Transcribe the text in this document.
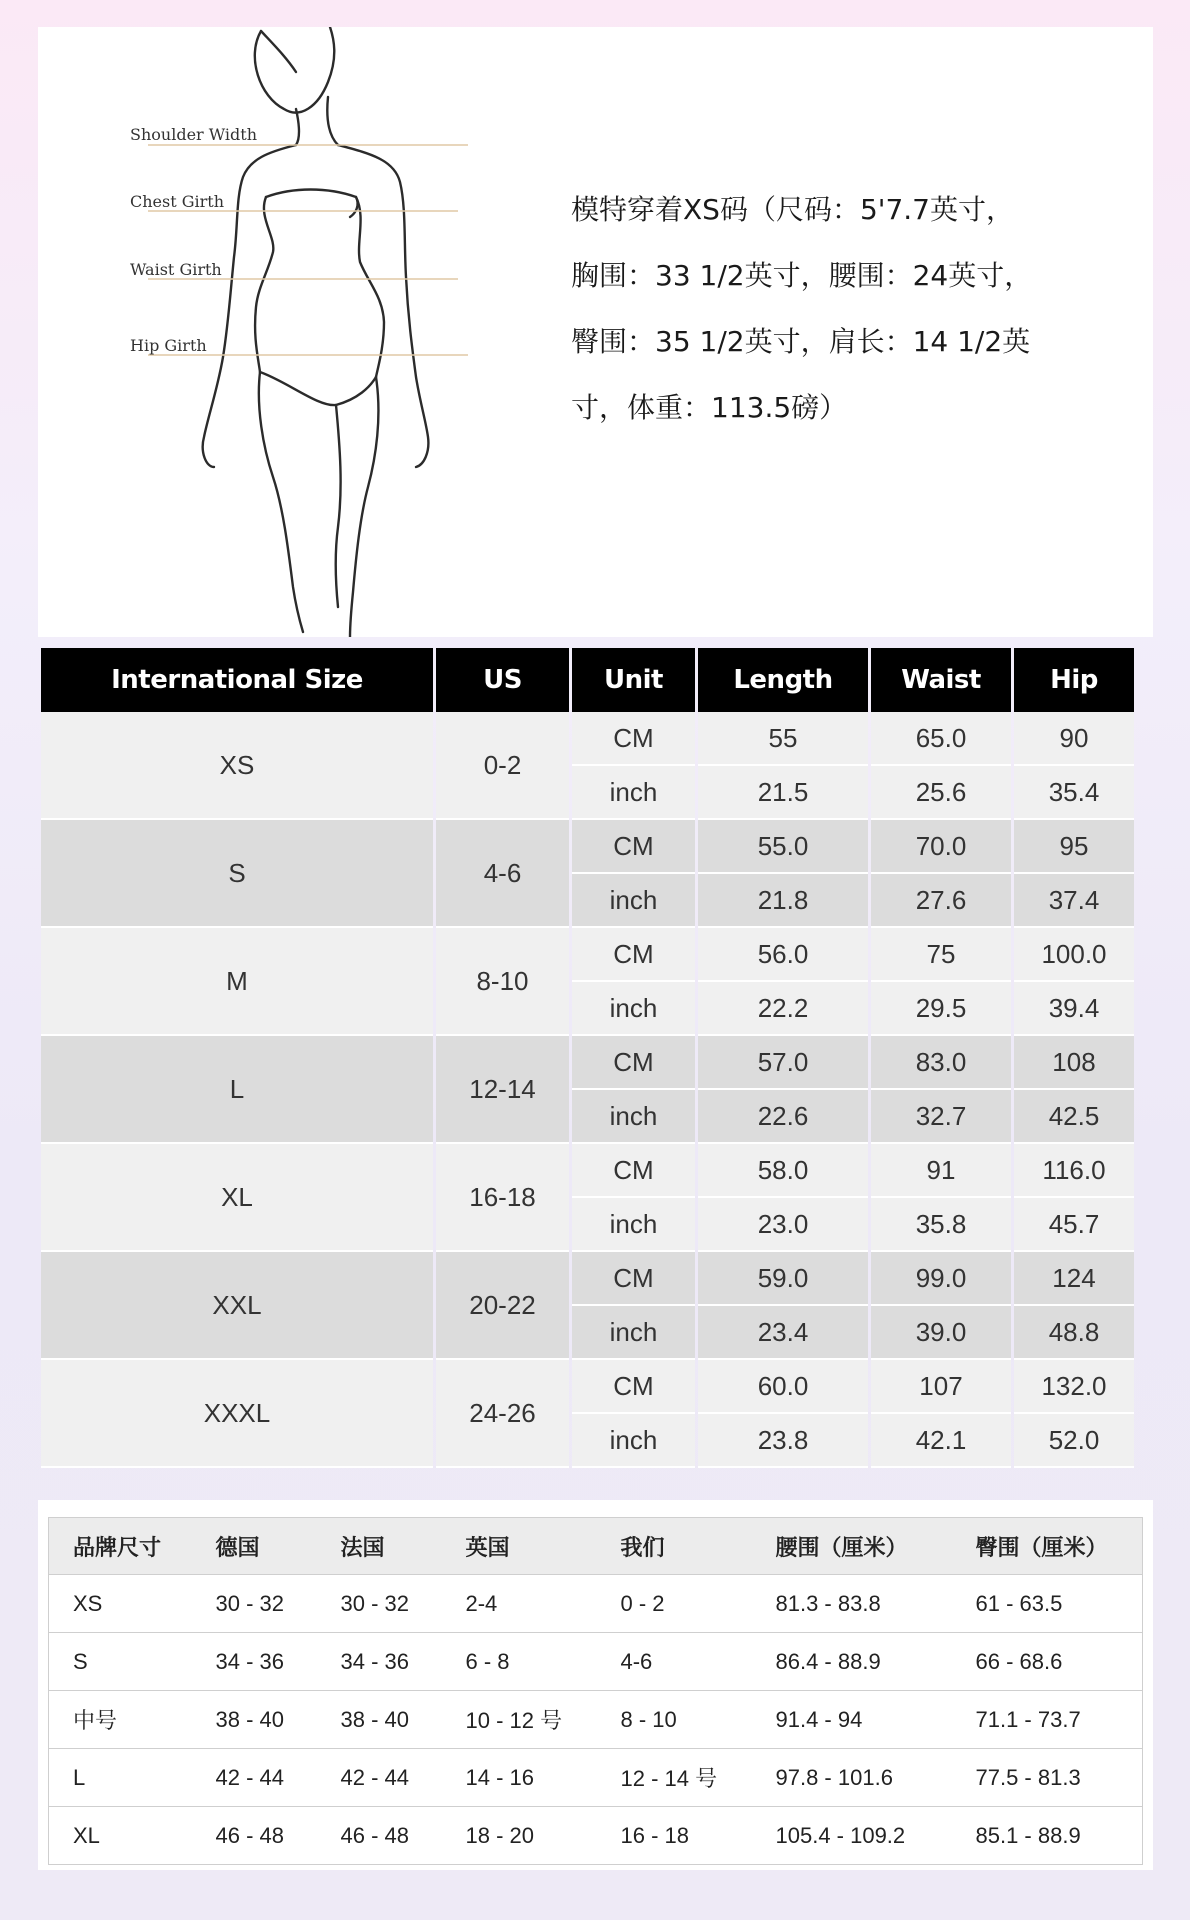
Shoulder Width
Chest Girth
Waist Girth
Hip Girth
模特穿着XS码（尺码：5'7.7英寸，
胸围：33 1/2英寸，腰围：24英寸，
臀围：35 1/2英寸，肩长：14 1/2英
寸，体重：113.5磅）
International Size	US	Unit	Length	Waist	Hip
XS	0-2	CM	55	65.0	90
		inch	21.5	25.6	35.4
S	4-6	CM	55.0	70.0	95
		inch	21.8	27.6	37.4
M	8-10	CM	56.0	75	100.0
		inch	22.2	29.5	39.4
L	12-14	CM	57.0	83.0	108
		inch	22.6	32.7	42.5
XL	16-18	CM	58.0	91	116.0
		inch	23.0	35.8	45.7
XXL	20-22	CM	59.0	99.0	124
		inch	23.4	39.0	48.8
XXXL	24-26	CM	60.0	107	132.0
		inch	23.8	42.1	52.0
品牌尺寸	德国	法国	英国	我们	腰围（厘米）	臀围（厘米）
XS	30 - 32	30 - 32	2-4	0 - 2	81.3 - 83.8	61 - 63.5
S	34 - 36	34 - 36	6 - 8	4-6	86.4 - 88.9	66 - 68.6
中号	38 - 40	38 - 40	10 - 12 号	8 - 10	91.4 - 94	71.1 - 73.7
L	42 - 44	42 - 44	14 - 16	12 - 14 号	97.8 - 101.6	77.5 - 81.3
XL	46 - 48	46 - 48	18 - 20	16 - 18	105.4 - 109.2	85.1 - 88.9
